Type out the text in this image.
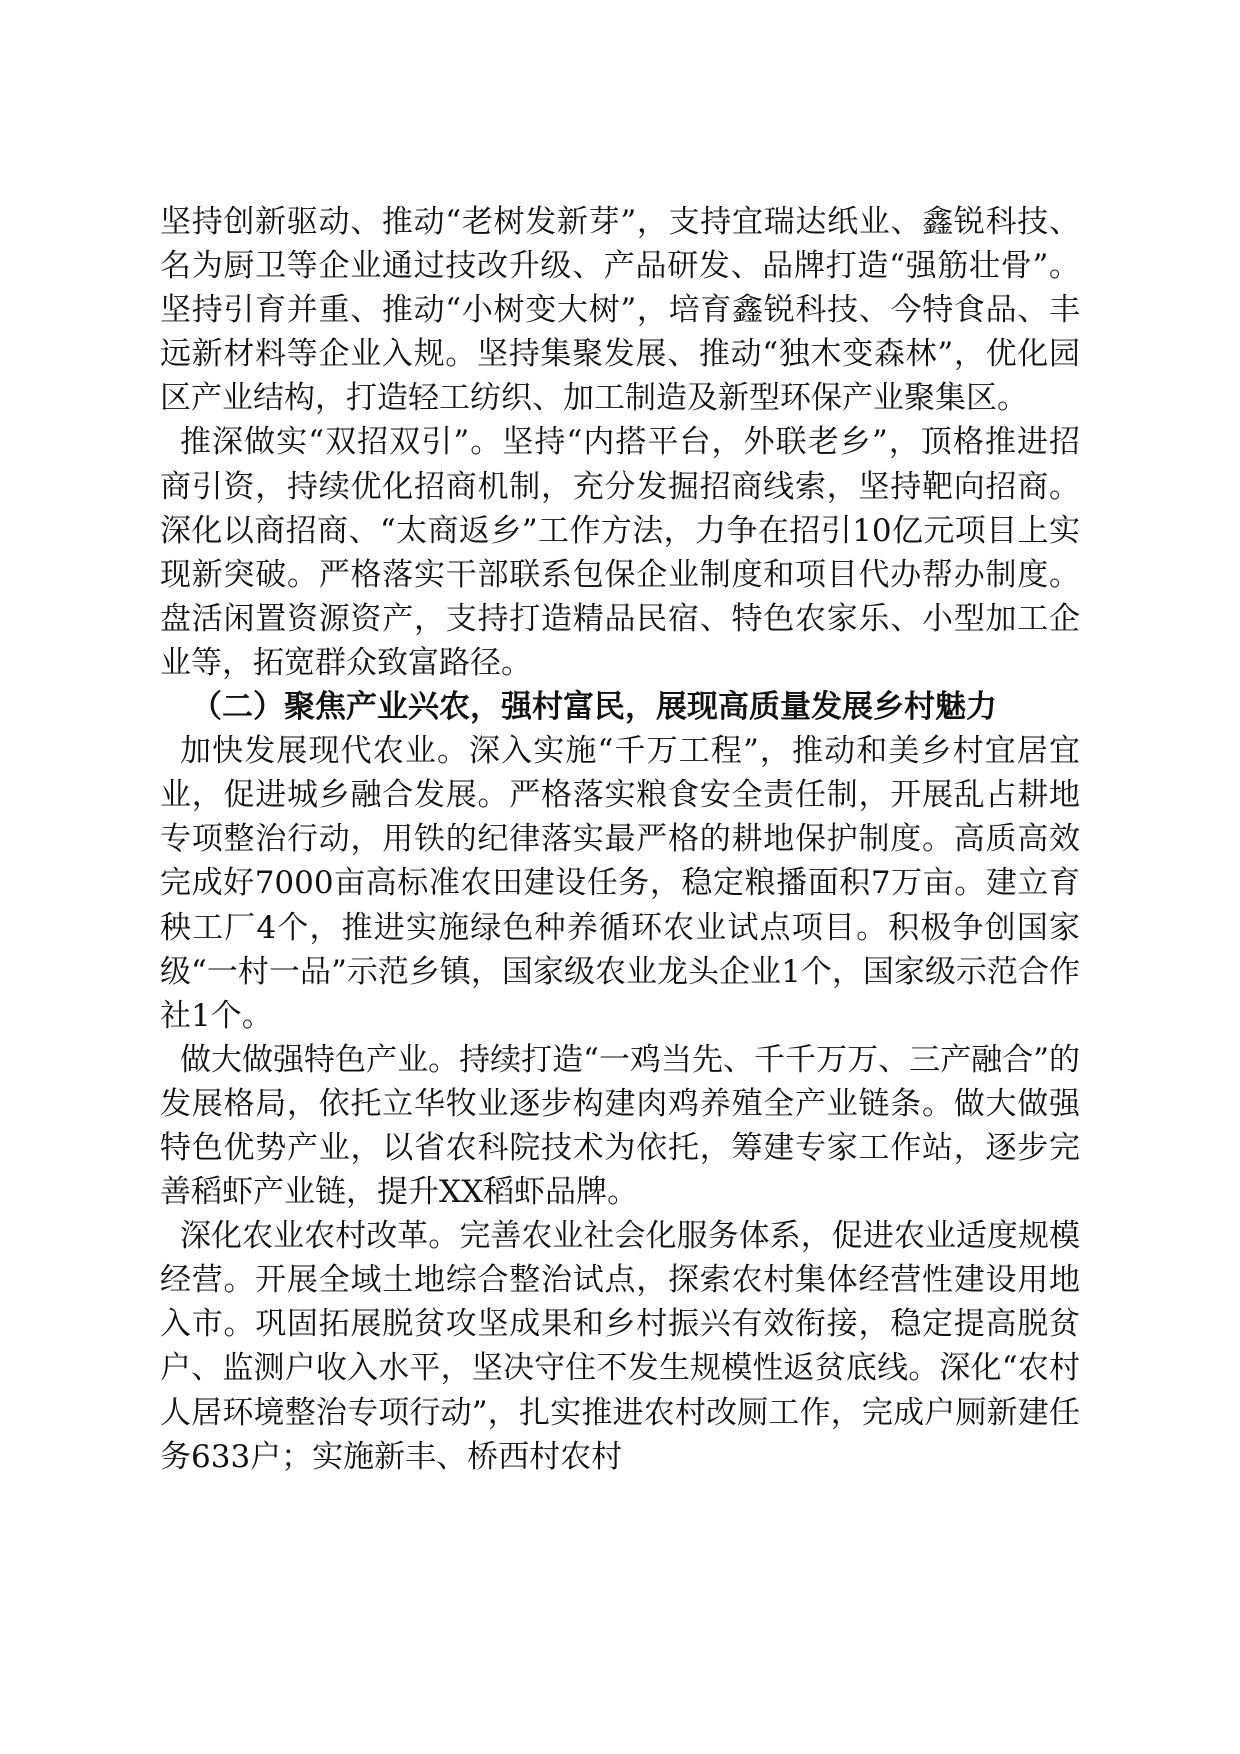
坚持创新驱动、推动“老树发新芽”，支持宜瑞达纸业、鑫锐科技、名为厨卫等企业通过技改升级、产品研发、品牌打造“强筋壮骨”。坚持引育并重、推动“小树变大树”，培育鑫锐科技、今特食品、丰远新材料等企业入规。坚持集聚发展、推动“独木变森林”，优化园区产业结构，打造轻工纺织、加工制造及新型环保产业聚集区。

推深做实“双招双引”。坚持“内搭平台，外联老乡”，顶格推进招商引资，持续优化招商机制，充分发掘招商线索，坚持靶向招商。深化以商招商、“太商返乡”工作方法，力争在招引10亿元项目上实现新突破。严格落实干部联系包保企业制度和项目代办帮办制度。盘活闲置资源资产，支持打造精品民宿、特色农家乐、小型加工企业等，拓宽群众致富路径。

（二）聚焦产业兴农，强村富民，展现高质量发展乡村魅力

加快发展现代农业。深入实施“千万工程”，推动和美乡村宜居宜业，促进城乡融合发展。严格落实粮食安全责任制，开展乱占耕地专项整治行动，用铁的纪律落实最严格的耕地保护制度。高质高效完成好7000亩高标准农田建设任务，稳定粮播面积7万亩。建立育秧工厂4个，推进实施绿色种养循环农业试点项目。积极争创国家级“一村一品”示范乡镇，国家级农业龙头企业1个，国家级示范合作社1个。

做大做强特色产业。持续打造“一鸡当先、千千万万、三产融合”的发展格局，依托立华牧业逐步构建肉鸡养殖全产业链条。做大做强特色优势产业，以省农科院技术为依托，筹建专家工作站，逐步完善稻虾产业链，提升XX稻虾品牌。

深化农业农村改革。完善农业社会化服务体系，促进农业适度规模经营。开展全域土地综合整治试点，探索农村集体经营性建设用地入市。巩固拓展脱贫攻坚成果和乡村振兴有效衔接，稳定提高脱贫户、监测户收入水平，坚决守住不发生规模性返贫底线。深化“农村人居环境整治专项行动”，扎实推进农村改厕工作，完成户厕新建任务633户；实施新丰、桥西村农村
